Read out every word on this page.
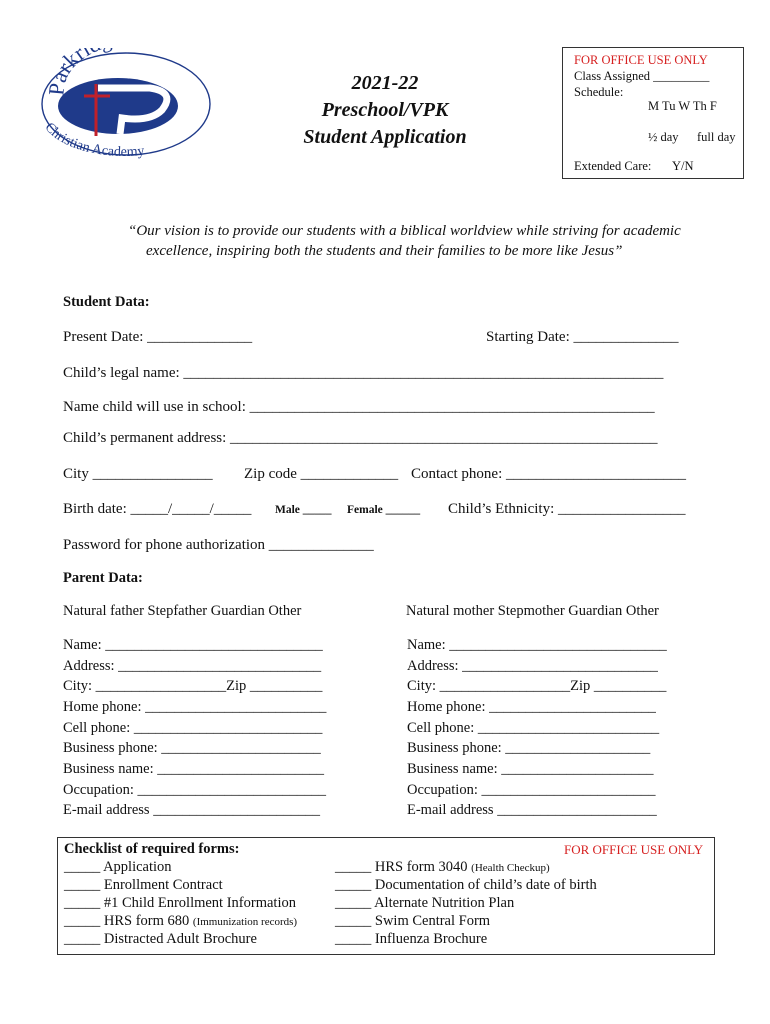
Parkri
Christian Academy
2021-22
Preschool/VPK
Student Application
FOR OFFICE USE ONLY
Class Assigned _________
Schedule:
M Tu W Th F
½ day full day
Extended Care: Y/N
“Our vision is to provide our students with a biblical worldview while striving for academic
excellence, inspiring both the students and their families to be more like Jesus”
Student Data:
Present Date: ______________	Starting Date: ______________
Child’s legal name: ________________________________________________________________
Name child will use in school: ______________________________________________________
Child’s permanent address: _________________________________________________________
City ________________ Zip code _____________ Contact phone: ________________________
Birth date: _____/_____/_____ Male _____ Female ______ Child’s Ethnicity: _________________
Password for phone authorization ______________
Parent Data:
Natural father Stepfather Guardian Other	Natural mother Stepmother Guardian Other
Name: ______________________________
Address: ____________________________
City: __________________Zip __________
Home phone: _________________________
Cell phone: __________________________
Business phone: ______________________
Business name: _______________________
Occupation: __________________________
E-mail address _______________________
Name: ______________________________
Address: ___________________________
City: __________________Zip __________
Home phone: _______________________
Cell phone: _________________________
Business phone: ____________________
Business name: _____________________
Occupation: ________________________
E-mail address ______________________
Checklist of required forms:	FOR OFFICE USE ONLY
_____ Application
_____ Enrollment Contract
_____ #1 Child Enrollment Information
_____ HRS form 680 (Immunization records)
_____ Distracted Adult Brochure
_____ HRS form 3040 (Health Checkup)
_____ Documentation of child’s date of birth
_____ Alternate Nutrition Plan
_____ Swim Central Form
_____ Influenza Brochure
